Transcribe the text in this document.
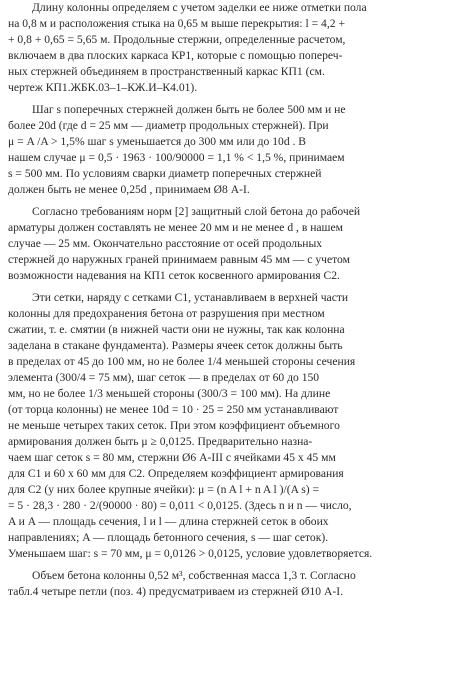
Длину колонны определяем с учетом заделки ее ниже отметки пола
на 0,8 м и расположения стыка на 0,65 м выше перекрытия: l = 4,2 +
+ 0,8 + 0,65 = 5,65 м. Продольные стержни, определенные расчетом,
включаем в два плоских каркаса КР1, которые с помощью попереч-
ных стержней объединяем в пространственный каркас КП1 (см.
чертеж КП1.ЖБК.03–1–КЖ.И–К4.01).
Шаг s поперечных стержней должен быть не более 500 мм и не
более 20d (где d = 25 мм — диаметр продольных стержней). При
μ = A /A > 1,5% шаг s уменьшается до 300 мм или до 10d . В
нашем случае μ = 0,5 · 1963 · 100/90000 = 1,1 % < 1,5 %, принимаем
s = 500 мм. По условиям сварки диаметр поперечных стержней
должен быть не менее 0,25d , принимаем Ø8 А-I.
Согласно требованиям норм [2] защитный слой бетона до рабочей
арматуры должен составлять не менее 20 мм и не менее d , в нашем
случае — 25 мм. Окончательно расстояние от осей продольных
стержней до наружных граней принимаем равным 45 мм — с учетом
возможности надевания на КП1 сеток косвенного армирования С2.
Эти сетки, наряду с сетками С1, устанавливаем в верхней части
колонны для предохранения бетона от разрушения при местном
сжатии, т. е. смятии (в нижней части они не нужны, так как колонна
заделана в стакане фундамента). Размеры ячеек сеток должны быть
в пределах от 45 до 100 мм, но не более 1/4 меньшей стороны сечения
элемента (300/4 = 75 мм), шаг сеток — в пределах от 60 до 150
мм, но не более 1/3 меньшей стороны (300/3 = 100 мм). На длине
(от торца колонны) не менее 10d = 10 · 25 = 250 мм устанавливают
не меньше четырех таких сеток. При этом коэффициент объемного
армирования должен быть μ ≥ 0,0125. Предварительно назна-
чаем шаг сеток s = 80 мм, стержни Ø6 А-III с ячейками 45 х 45 мм
для С1 и 60 х 60 мм для С2. Определяем коэффициент армирования
для С2 (у них более крупные ячейки): μ = (n A l + n A l )/(A s) =
= 5 · 28,3 · 280 · 2/(90000 · 80) = 0,011 < 0,0125. (Здесь n и n — число,
A и A — площадь сечения, l и l — длина стержней сеток в обоих
направлениях; A — площадь бетонного сечения, s — шаг сеток).
Уменьшаем шаг: s = 70 мм, μ = 0,0126 > 0,0125, условие удовлетворяется.
Объем бетона колонны 0,52 м³, собственная масса 1,3 т. Согласно
табл.4 четыре петли (поз. 4) предусматриваем из стержней Ø10 А-I.
